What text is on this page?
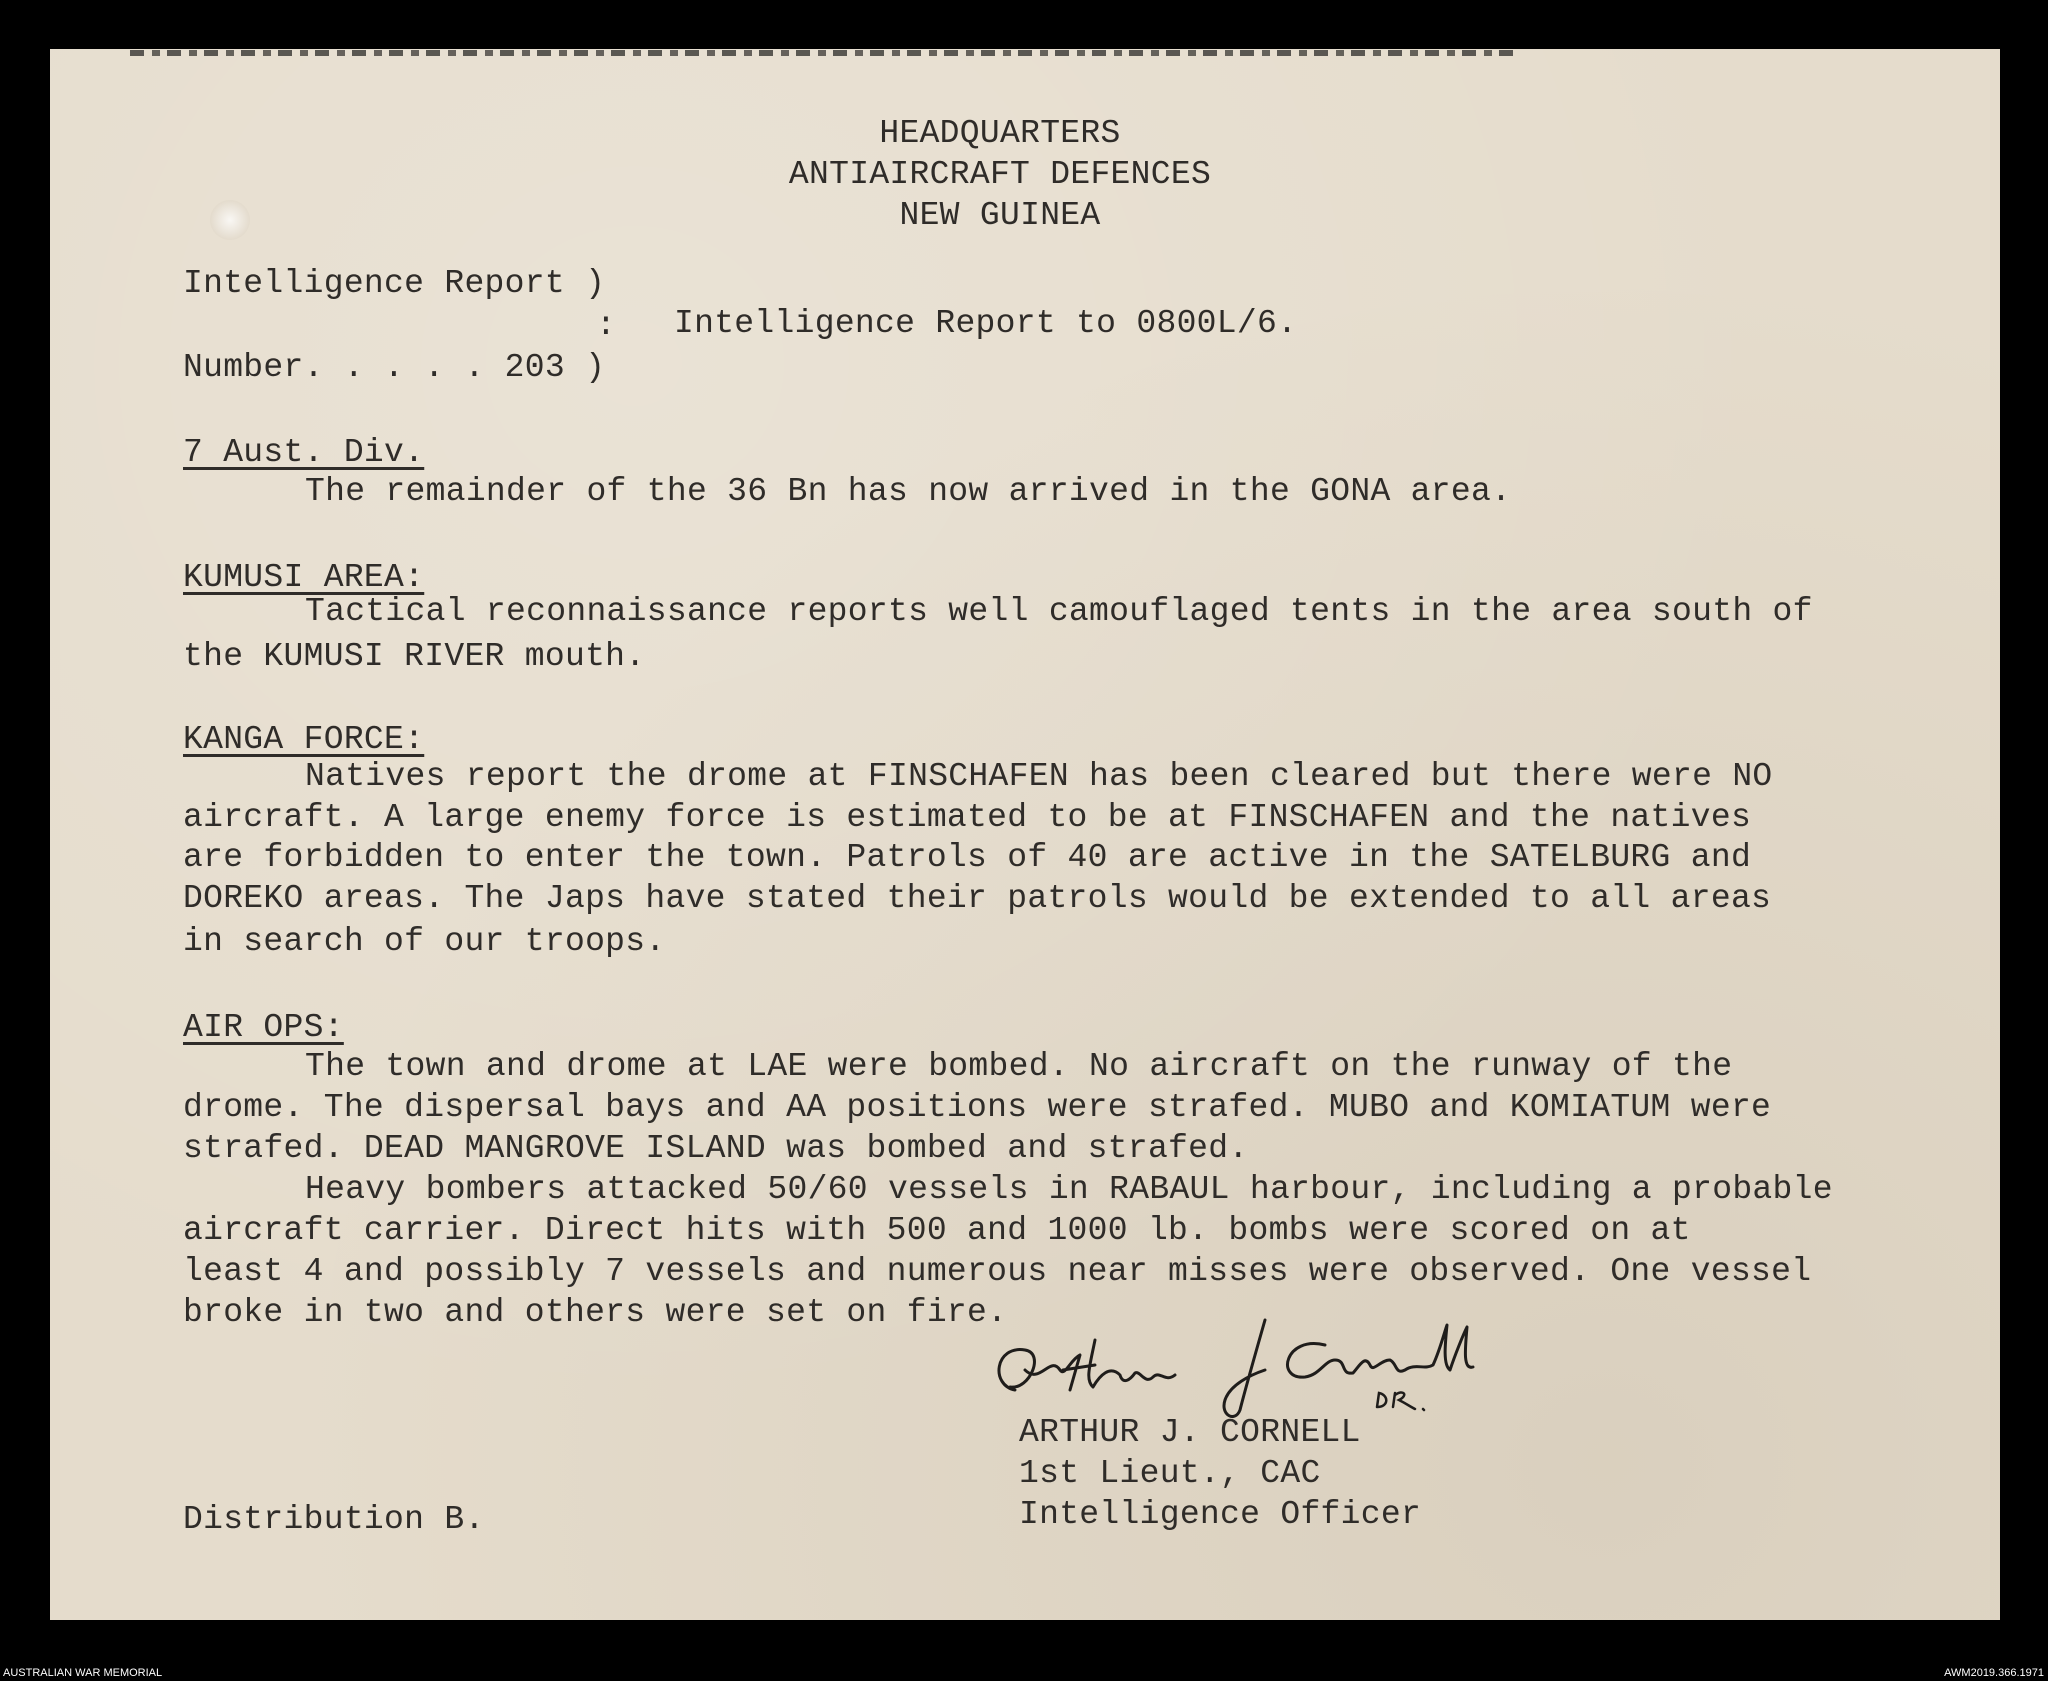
HEADQUARTERS
ANTIAIRCRAFT DEFENCES
NEW GUINEA
Intelligence Report )
: Intelligence Report to 0800L/6.
Number. . . . . 203 )
7 Aust. Div.
The remainder of the 36 Bn has now arrived in the GONA area.
KUMUSI AREA:
Tactical reconnaissance reports well camouflaged tents in the area south of
the KUMUSI RIVER mouth.
KANGA FORCE:
Natives report the drome at FINSCHAFEN has been cleared but there were NO
aircraft. A large enemy force is estimated to be at FINSCHAFEN and the natives
are forbidden to enter the town. Patrols of 40 are active in the SATELBURG and
DOREKO areas. The Japs have stated their patrols would be extended to all areas
in search of our troops.
AIR OPS:
The town and drome at LAE were bombed. No aircraft on the runway of the
drome. The dispersal bays and AA positions were strafed. MUBO and KOMIATUM were
strafed. DEAD MANGROVE ISLAND was bombed and strafed.
Heavy bombers attacked 50/60 vessels in RABAUL harbour, including a probable
aircraft carrier. Direct hits with 500 and 1000 lb. bombs were scored on at
least 4 and possibly 7 vessels and numerous near misses were observed. One vessel
broke in two and others were set on fire.
ARTHUR J. CORNELL
1st Lieut., CAC
Intelligence Officer
Distribution B.
AUSTRALIAN WAR MEMORIAL	AWM2019.366.1971
